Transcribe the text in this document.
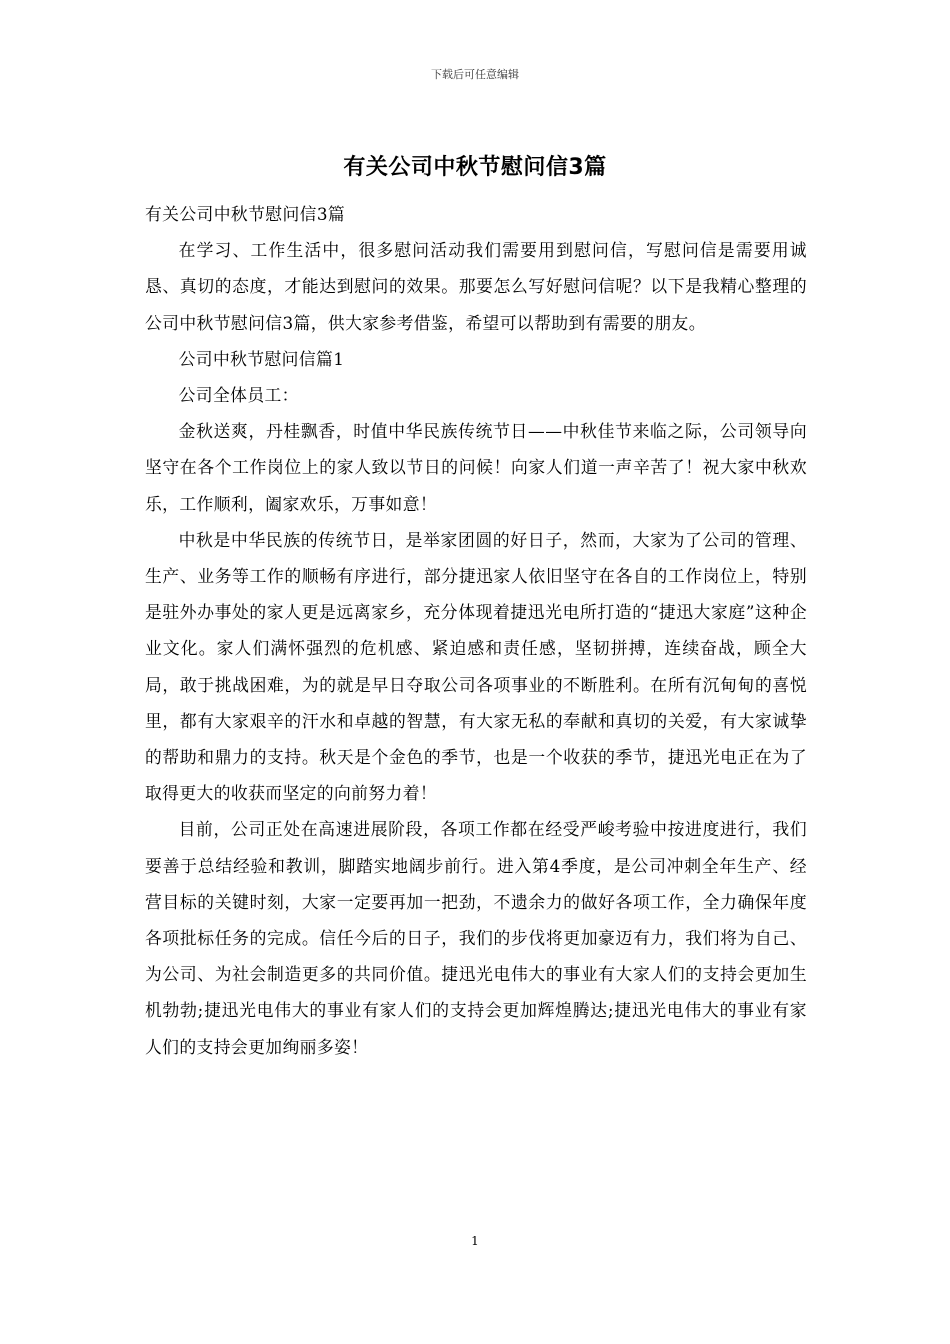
下载后可任意编辑
有关公司中秋节慰问信3篇

有关公司中秋节慰问信3篇

在学习、工作生活中，很多慰问活动我们需要用到慰问信，写慰问信是需要用诚恳、真切的态度，才能达到慰问的效果。那要怎么写好慰问信呢？以下是我精心整理的公司中秋节慰问信3篇，供大家参考借鉴，希望可以帮助到有需要的朋友。

公司中秋节慰问信篇1

公司全体员工：

金秋送爽，丹桂飘香，时值中华民族传统节日——中秋佳节来临之际，公司领导向坚守在各个工作岗位上的家人致以节日的问候！向家人们道一声辛苦了！祝大家中秋欢乐，工作顺利，阖家欢乐，万事如意！

中秋是中华民族的传统节日，是举家团圆的好日子，然而，大家为了公司的管理、生产、业务等工作的顺畅有序进行，部分捷迅家人依旧坚守在各自的工作岗位上，特别是驻外办事处的家人更是远离家乡，充分体现着捷迅光电所打造的“捷迅大家庭”这种企业文化。家人们满怀强烈的危机感、紧迫感和责任感，坚韧拼搏，连续奋战，顾全大局，敢于挑战困难，为的就是早日夺取公司各项事业的不断胜利。在所有沉甸甸的喜悦里，都有大家艰辛的汗水和卓越的智慧，有大家无私的奉献和真切的关爱，有大家诚挚的帮助和鼎力的支持。秋天是个金色的季节，也是一个收获的季节，捷迅光电正在为了取得更大的收获而坚定的向前努力着！

目前，公司正处在高速进展阶段，各项工作都在经受严峻考验中按进度进行，我们要善于总结经验和教训，脚踏实地阔步前行。进入第4季度，是公司冲刺全年生产、经营目标的关键时刻，大家一定要再加一把劲，不遗余力的做好各项工作，全力确保年度各项批标任务的完成。信任今后的日子，我们的步伐将更加豪迈有力，我们将为自己、为公司、为社会制造更多的共同价值。捷迅光电伟大的事业有大家人们的支持会更加生机勃勃;捷迅光电伟大的事业有家人们的支持会更加辉煌腾达;捷迅光电伟大的事业有家人们的支持会更加绚丽多姿！

1
